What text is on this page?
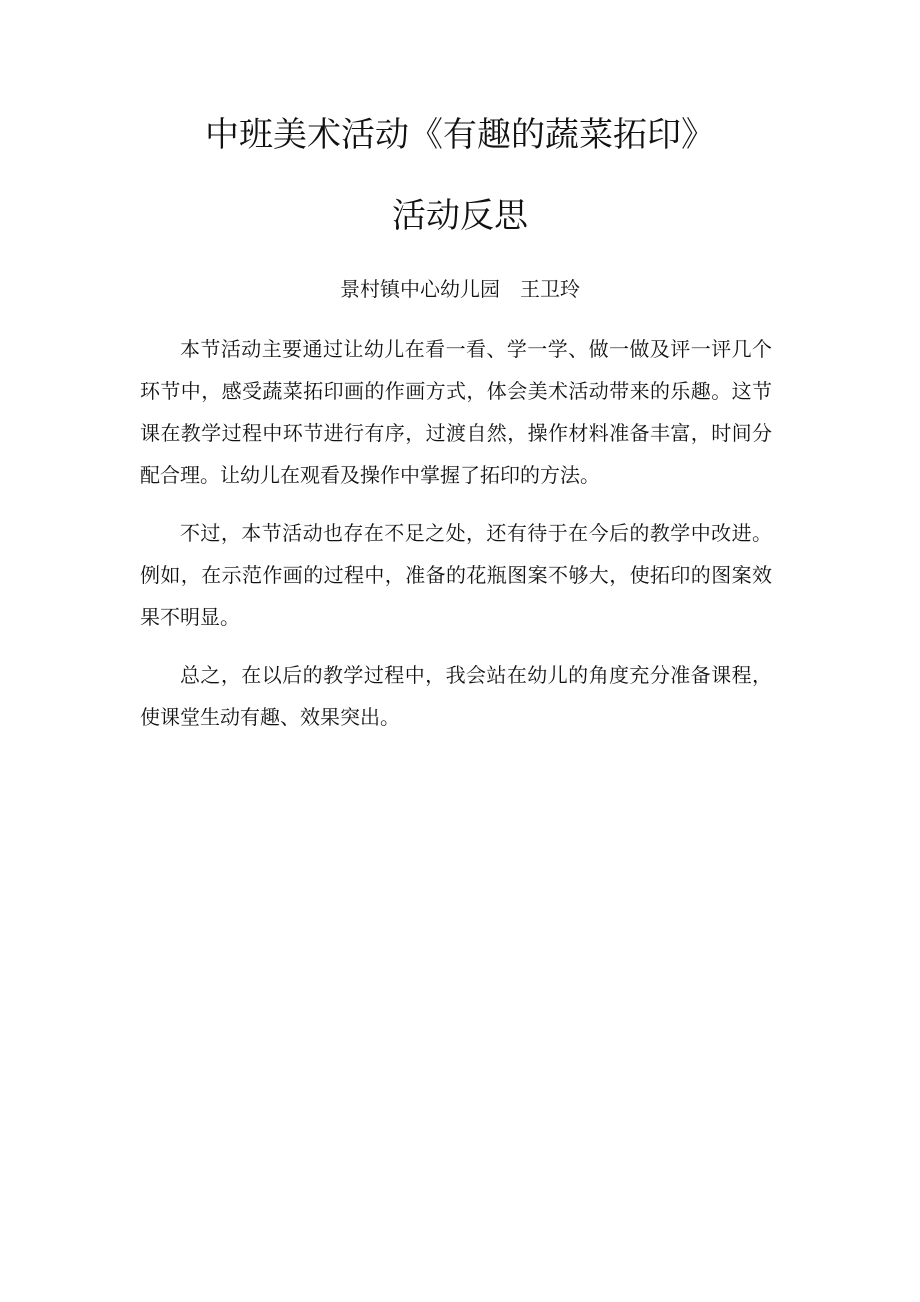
中班美术活动《有趣的蔬菜拓印》
活动反思
景村镇中心幼儿园　王卫玲

本节活动主要通过让幼儿在看一看、学一学、做一做及评一评几个环节中，感受蔬菜拓印画的作画方式，体会美术活动带来的乐趣。这节课在教学过程中环节进行有序，过渡自然，操作材料准备丰富，时间分配合理。让幼儿在观看及操作中掌握了拓印的方法。

不过，本节活动也存在不足之处，还有待于在今后的教学中改进。例如，在示范作画的过程中，准备的花瓶图案不够大，使拓印的图案效果不明显。

总之，在以后的教学过程中，我会站在幼儿的角度充分准备课程，使课堂生动有趣、效果突出。
